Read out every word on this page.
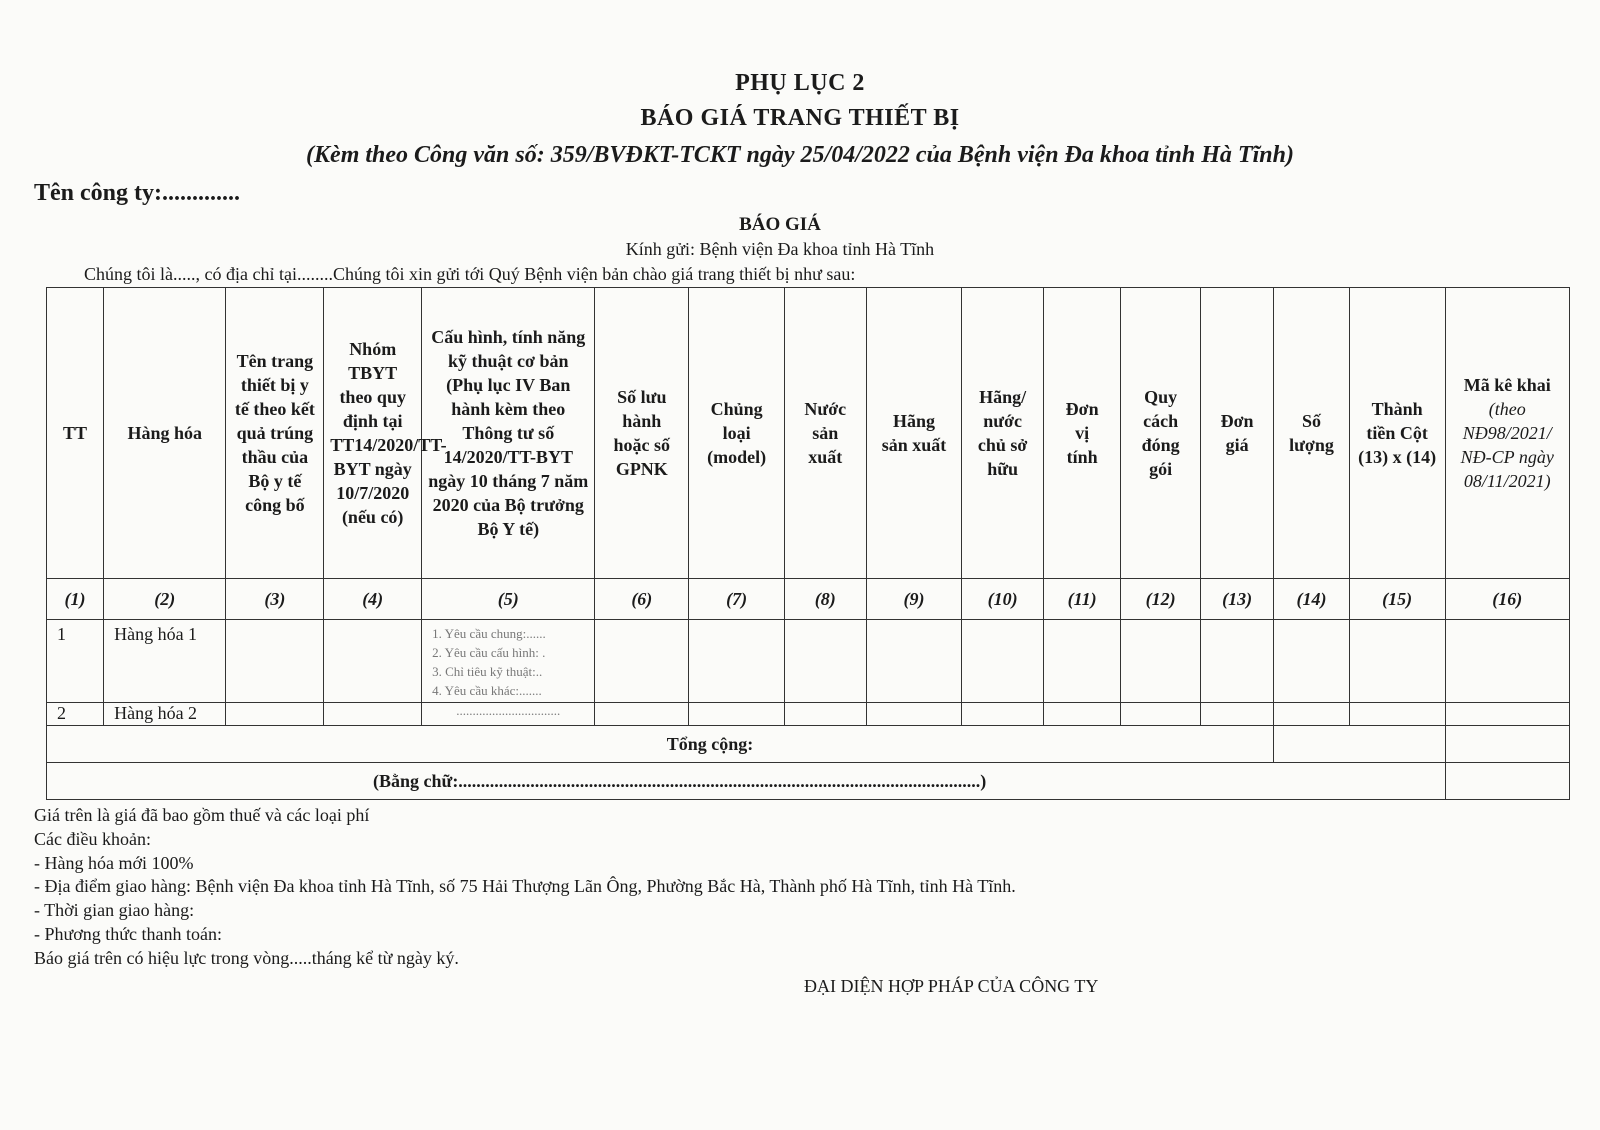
PHỤ LỤC 2
BÁO GIÁ TRANG THIẾT BỊ
(Kèm theo Công văn số: 359/BVĐKT-TCKT ngày 25/04/2022 của Bệnh viện Đa khoa tỉnh Hà Tĩnh)
Tên công ty:.............
BÁO GIÁ
Kính gửi: Bệnh viện Đa khoa tỉnh Hà Tĩnh
Chúng tôi là....., có địa chỉ tại........Chúng tôi xin gửi tới Quý Bệnh viện bản chào giá trang thiết bị như sau:
TT	Hàng hóa	Tên trang thiết bị y tế theo kết quả trúng thầu của Bộ y tế công bố	Nhóm TBYT theo quy định tại TT14/2020/TT-BYT ngày 10/7/2020 (nếu có)	Cấu hình, tính năng kỹ thuật cơ bản (Phụ lục IV Ban hành kèm theo Thông tư số 14/2020/TT-BYT ngày 10 tháng 7 năm 2020 của Bộ trưởng Bộ Y tế)	Số lưu hành hoặc số GPNK	Chủng loại (model)	Nước sản xuất	Hãng sản xuất	Hãng/ nước chủ sở hữu	Đơn vị tính	Quy cách đóng gói	Đơn giá	Số lượng	Thành tiền Cột (13) x (14)	Mã kê khai
(theo NĐ98/2021/ NĐ-CP ngày 08/11/2021)
(1)	(2)	(3)	(4)	(5)	(6)	(7)	(8)	(9)	(10)	(11)	(12)	(13)	(14)	(15)	(16)
1	Hàng hóa 1			1. Yêu cầu chung:......
2. Yêu cầu cấu hình: .
3. Chỉ tiêu kỹ thuật:..
4. Yêu cầu khác:.......											

2	Hàng hóa 2			................................											

Tổng cộng:															
(Bằng chữ:....................................................................................................................)															
Giá trên là giá đã bao gồm thuế và các loại phí
Các điều khoản:
- Hàng hóa mới 100%
- Địa điểm giao hàng: Bệnh viện Đa khoa tỉnh Hà Tĩnh, số 75 Hải Thượng Lãn Ông, Phường Bắc Hà, Thành phố Hà Tĩnh, tỉnh Hà Tĩnh.
- Thời gian giao hàng:
- Phương thức thanh toán:
Báo giá trên có hiệu lực trong vòng.....tháng kể từ ngày ký.
ĐẠI DIỆN HỢP PHÁP CỦA CÔNG TY
